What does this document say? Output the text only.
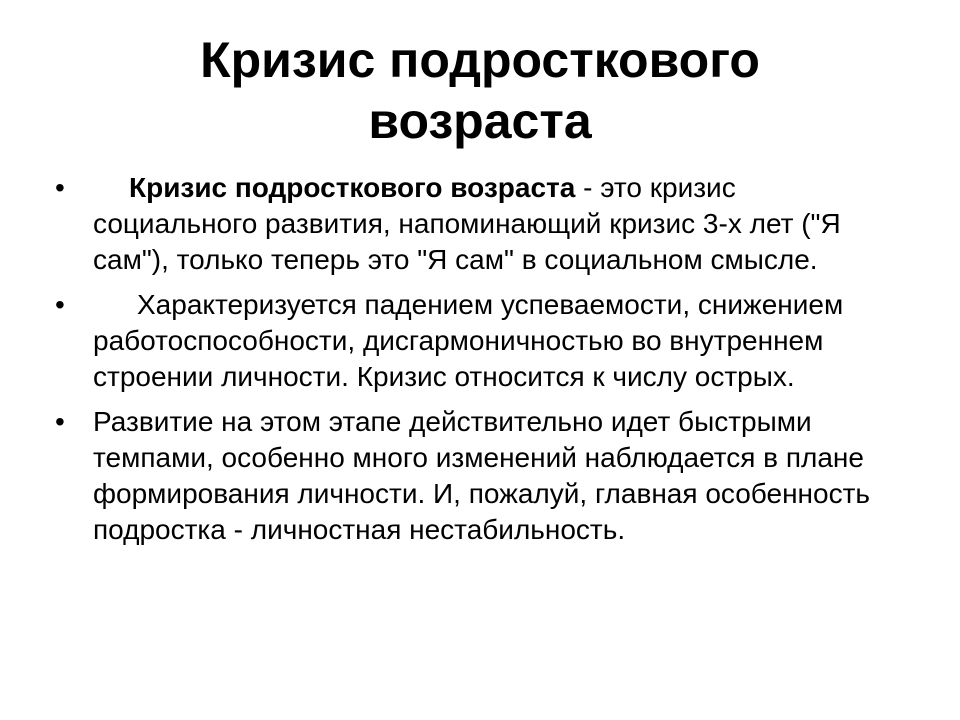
Кризис подросткового
возраста
•	Кризис подросткового возраста - это кризис социального развития, напоминающий кризис 3-х лет ("Я сам"), только теперь это "Я сам" в социальном смысле.
•	Характеризуется падением успеваемости, снижением работоспособности, дисгармоничностью во внутреннем строении личности. Кризис относится к числу острых.
•	Развитие на этом этапе действительно идет быстрыми темпами, особенно много изменений наблюдается в плане формирования личности. И, пожалуй, главная особенность подростка - личностная нестабильность.
